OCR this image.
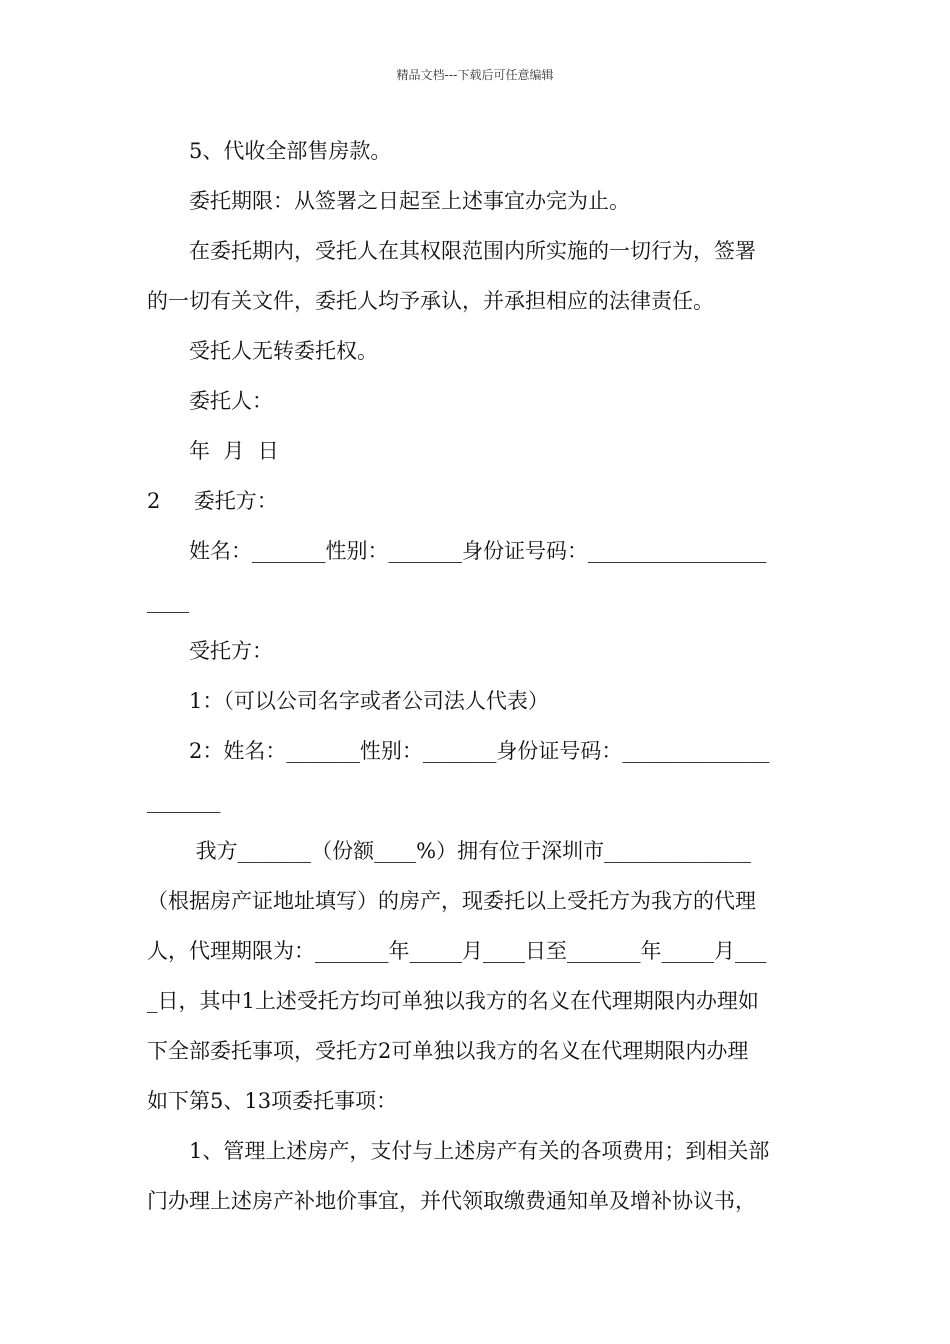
精品文档---下载后可任意编辑
5、代收全部售房款。
委托期限：从签署之日起至上述事宜办完为止。
在委托期内，受托人在其权限范围内所实施的一切行为，签署
的一切有关文件，委托人均予承认，并承担相应的法律责任。
受托人无转委托权。
委托人：
年  月  日
2     委托方：
姓名：_______性别：_______身份证号码：_________________
____
受托方：
1：（可以公司名字或者公司法人代表）
2：姓名：_______性别：_______身份证号码：______________
_______
我方_______（份额____%）拥有位于深圳市______________
（根据房产证地址填写）的房产，现委托以上受托方为我方的代理
人，代理期限为：_______年_____月____日至_______年_____月___
_日，其中1上述受托方均可单独以我方的名义在代理期限内办理如
下全部委托事项，受托方2可单独以我方的名义在代理期限内办理
如下第5、13项委托事项：
1、管理上述房产，支付与上述房产有关的各项费用；到相关部
门办理上述房产补地价事宜，并代领取缴费通知单及增补协议书，
